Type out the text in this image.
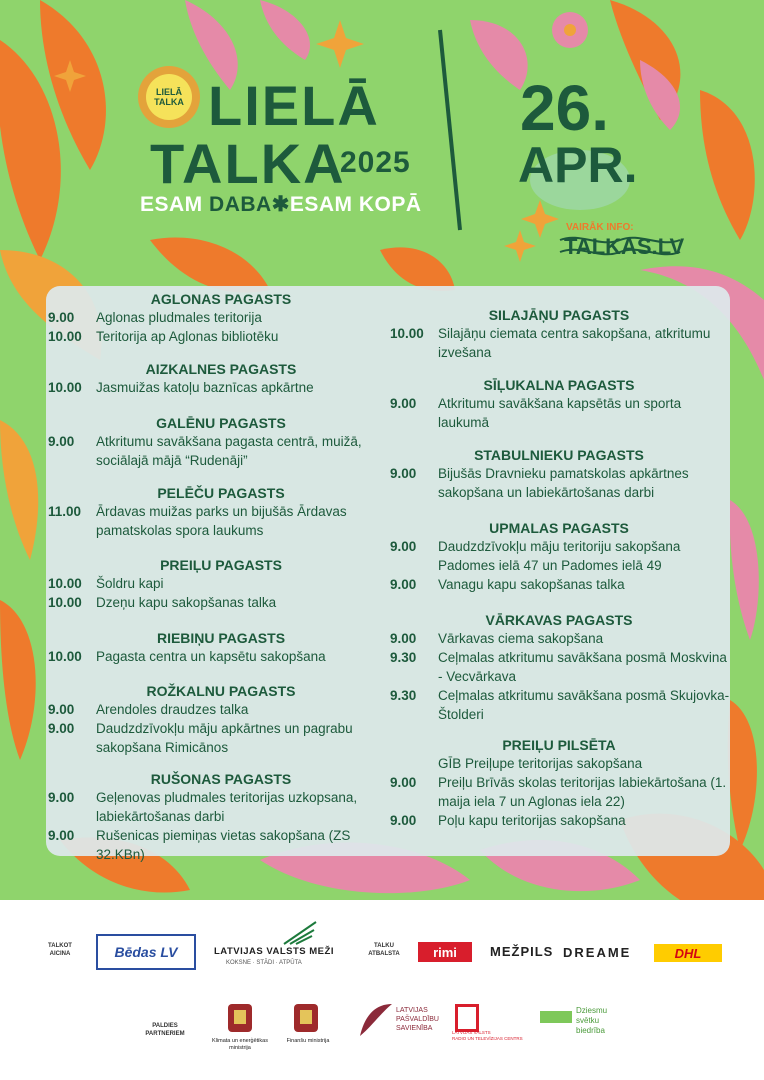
LIELĀ
TALKA LIELĀ
TALKA
2025
ESAM DABA✱ESAM KOPĀ
26.
APR.
VAIRĀK INFO:
TALKAS.LV
AGLONAS PAGASTS
9.00	Aglonas pludmales teritorija
10.00	Teritorija ap Aglonas bibliotēku
AIZKALNES PAGASTS
10.00	Jasmuižas katoļu baznīcas apkārtne
GALĒNU PAGASTS
9.00	Atkritumu savākšana pagasta centrā, muižā, sociālajā mājā “Rudenāji”
PELĒČU PAGASTS
11.00	Ārdavas muižas parks un bijušās Ārdavas pamatskolas spora laukums
PREIĻU PAGASTS
10.00	Šoldru kapi
10.00	Dzeņu kapu sakopšanas talka
RIEBIŅU PAGASTS
10.00	Pagasta centra un kapsētu sakopšana
ROŽKALNU PAGASTS
9.00	Arendoles draudzes talka
9.00	Daudzdzīvokļu māju apkārtnes un pagrabu sakopšana Rimicānos
RUŠONAS PAGASTS
9.00	Geļenovas pludmales teritorijas uzkopsana, labiekārtošanas darbi
9.00	Rušenicas piemiņas vietas sakopšana (ZS 32.KBn)
SILAJĀŅU PAGASTS
10.00	Silajāņu ciemata centra sakopšana, atkritumu izvešana
SĪĻUKALNA PAGASTS
9.00	Atkritumu savākšana kapsētās un sporta laukumā
STABULNIEKU PAGASTS
9.00	Bijušās Dravnieku pamatskolas apkārtnes sakopšana un labiekārtošanas darbi
UPMALAS PAGASTS
9.00	Daudzdzīvokļu māju teritoriju sakopšana Padomes ielā 47 un Padomes ielā 49
9.00	Vanagu kapu sakopšanas talka
VĀRKAVAS PAGASTS
9.00	Vārkavas ciema sakopšana
9.30	Ceļmalas atkritumu savākšana posmā Moskvina - Vecvārkava
9.30	Ceļmalas atkritumu savākšana posmā Skujovka-Štolderi
PREIĻU PILSĒTA
GĪB Preiļupe teritorijas sakopšana
9.00	Preiļu Brīvās skolas teritorijas labiekārtošana (1. maija iela 7 un Aglonas iela 22)
9.00	Poļu kapu teritorijas sakopšana
TALKOT
AICINA	Bēdas LV	LATVIJAS VALSTS MEŽI
KOKSNE · STĀDI · ATPŪTA
TALKU
ATBALSTA	rimi	MEŽPILS DREAME	DHL
PALDIES
PARTNERIEM
Klimata un enerģētikas
ministrija
Finanšu ministrija
LATVIJAS
PAŠVALDĪBU
SAVIENĪBA
LATVIJAS VALSTS
RADIO UN TELEVĪZIJAS CENTRS
Dziesmu
svētku
biedrība
